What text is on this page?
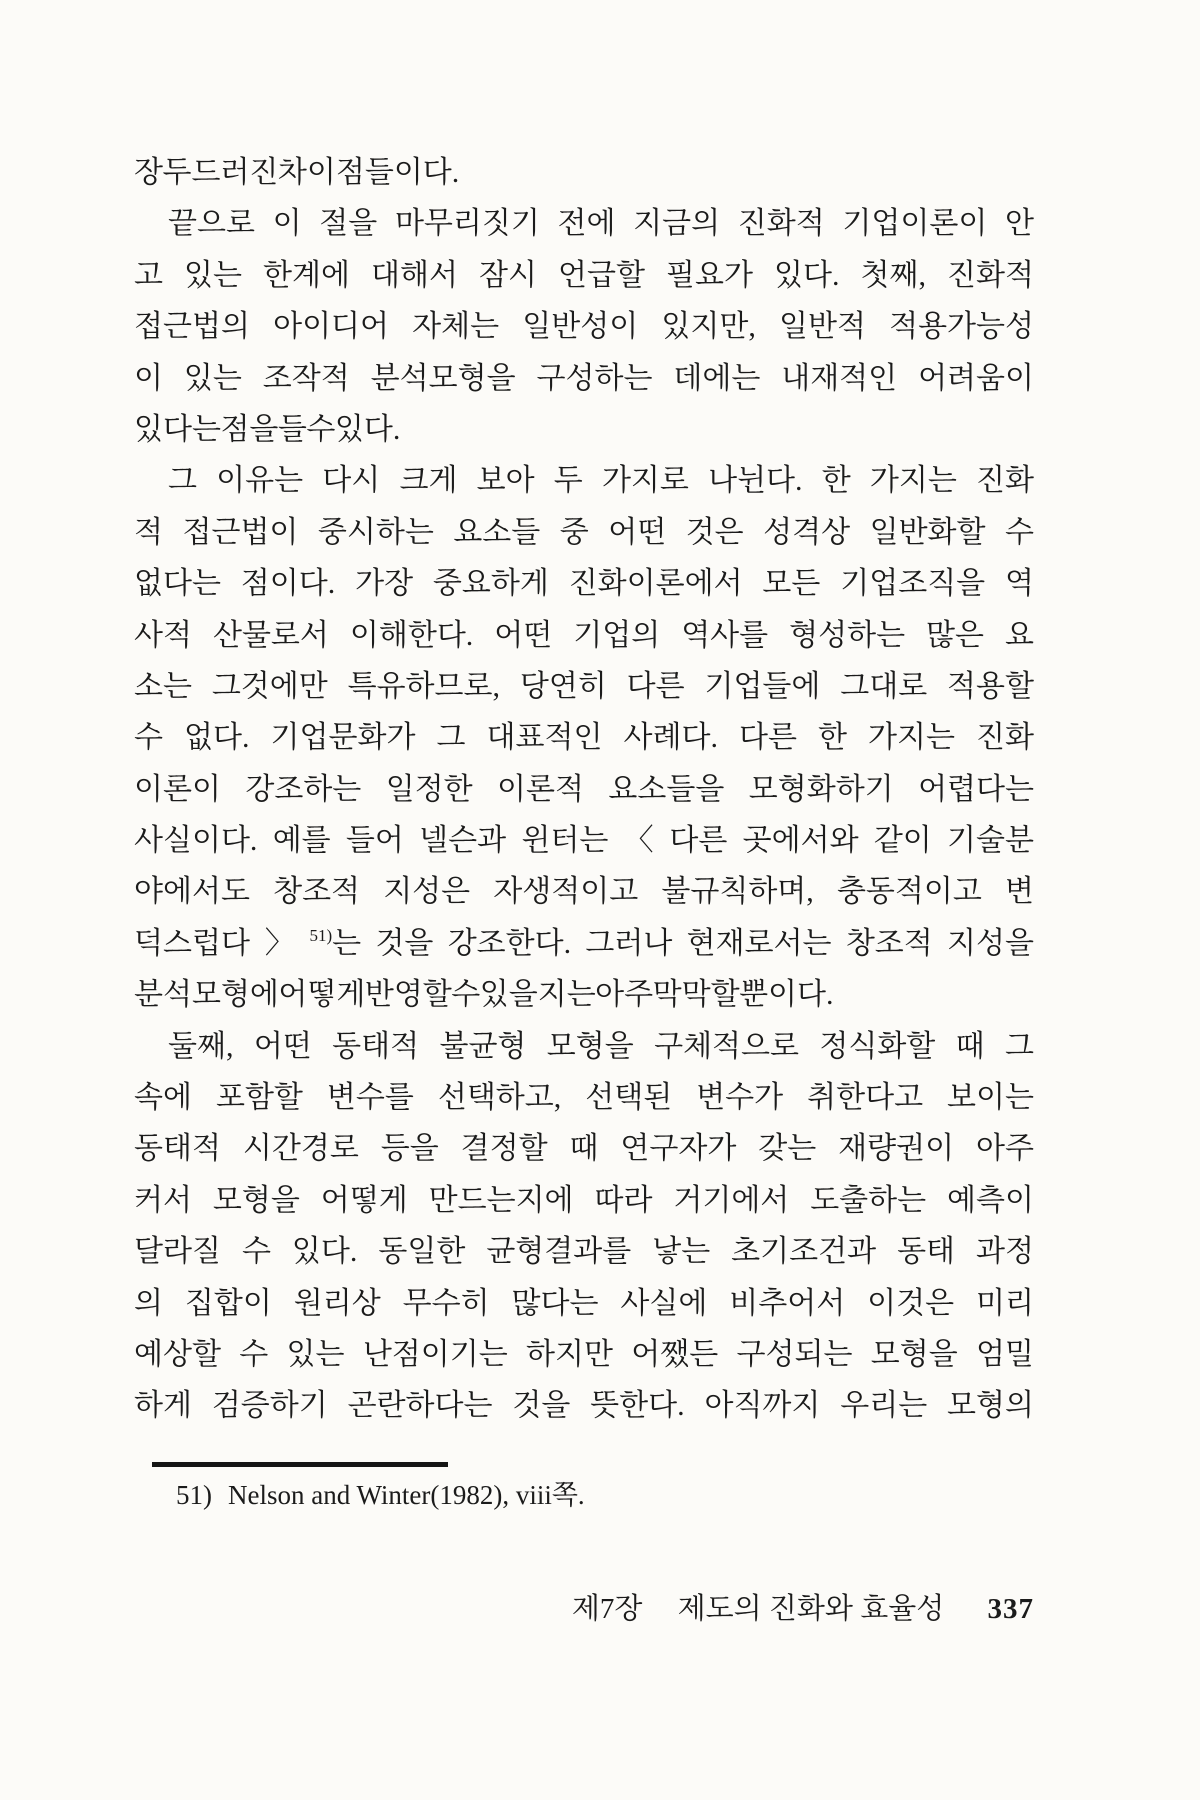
장 두드러진 차이점들이다.

끝으로 이 절을 마무리짓기 전에 지금의 진화적 기업이론이 안

고 있는 한계에 대해서 잠시 언급할 필요가 있다. 첫째, 진화적

접근법의 아이디어 자체는 일반성이 있지만, 일반적 적용가능성

이 있는 조작적 분석모형을 구성하는 데에는 내재적인 어려움이

있다는 점을 들 수 있다.

그 이유는 다시 크게 보아 두 가지로 나뉜다. 한 가지는 진화

적 접근법이 중시하는 요소들 중 어떤 것은 성격상 일반화할 수

없다는 점이다. 가장 중요하게 진화이론에서 모든 기업조직을 역

사적 산물로서 이해한다. 어떤 기업의 역사를 형성하는 많은 요

소는 그것에만 특유하므로, 당연히 다른 기업들에 그대로 적용할

수 없다. 기업문화가 그 대표적인 사례다. 다른 한 가지는 진화

이론이 강조하는 일정한 이론적 요소들을 모형화하기 어렵다는

사실이다. 예를 들어 넬슨과 윈터는 〈다른 곳에서와 같이 기술분

야에서도 창조적 지성은 자생적이고 불규칙하며, 충동적이고 변

덕스럽다〉$^{51)}$는 것을 강조한다. 그러나 현재로서는 창조적 지성을

분석모형에 어떻게 반영할 수 있을지는 아주 막막할 뿐이다.

둘째, 어떤 동태적 불균형 모형을 구체적으로 정식화할 때 그

속에 포함할 변수를 선택하고, 선택된 변수가 취한다고 보이는

동태적 시간경로 등을 결정할 때 연구자가 갖는 재량권이 아주

커서 모형을 어떻게 만드는지에 따라 거기에서 도출하는 예측이

달라질 수 있다. 동일한 균형결과를 낳는 초기조건과 동태 과정

의 집합이 원리상 무수히 많다는 사실에 비추어서 이것은 미리

예상할 수 있는 난점이기는 하지만 어쨌든 구성되는 모형을 엄밀

하게 검증하기 곤란하다는 것을 뜻한다. 아직까지 우리는 모형의

51) Nelson and Winter(1982), viii쪽.
제7장 제도의 진화와 효율성 337
